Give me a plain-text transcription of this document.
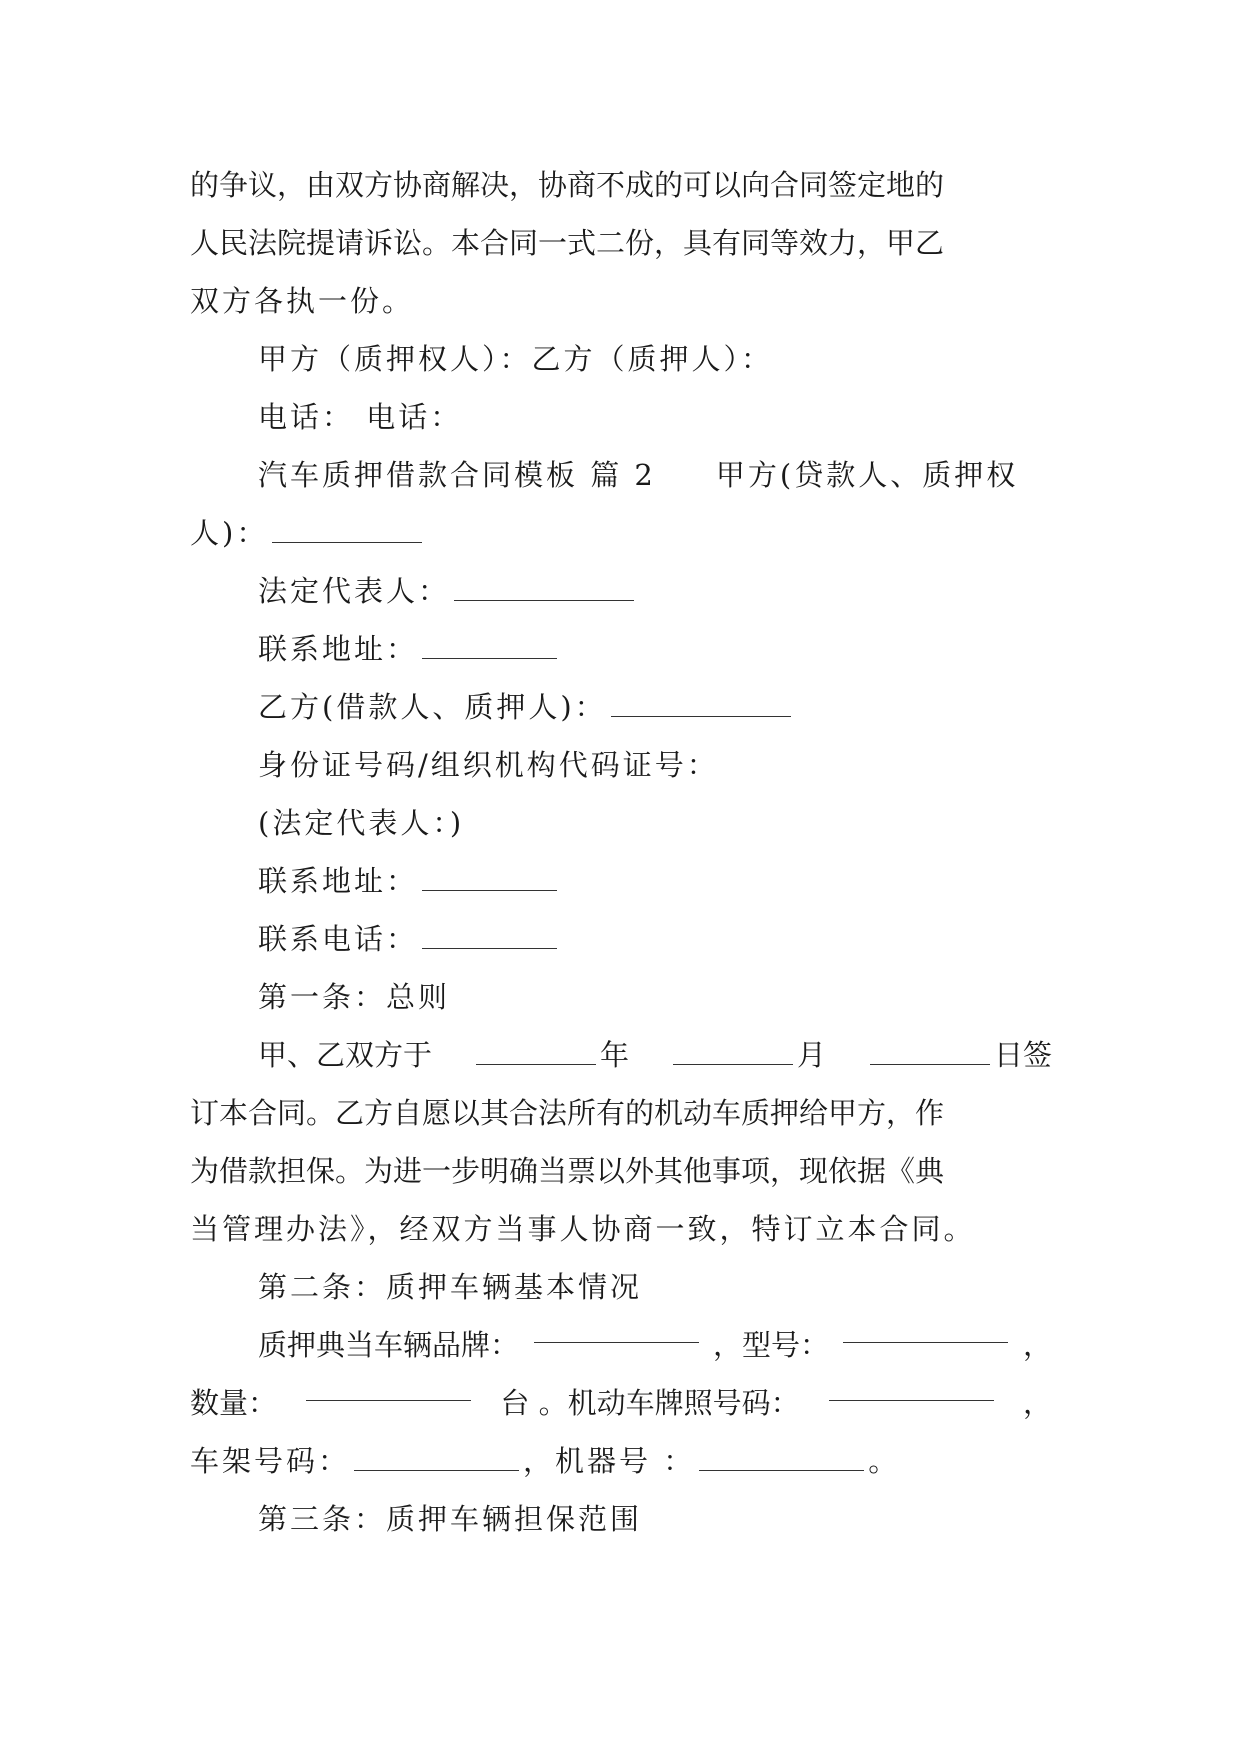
的争议，由双方协商解决，协商不成的可以向合同签定地的
人民法院提请诉讼。本合同一式二份，具有同等效力，甲乙
双方各执一份。
甲方（质押权人）：乙方（质押人）：
电话： 电话：
汽车质押借款合同模板 篇 2 甲方(贷款人、质押权
人)：
法定代表人：
联系地址：
乙方(借款人、质押人)：
身份证号码/组织机构代码证号：
(法定代表人：)
联系地址：
联系电话：
第一条：总则
甲、乙双方于	年	月	日签
订本合同。乙方自愿以其合法所有的机动车质押给甲方，作
为借款担保。为进一步明确当票以外其他事项，现依据《典
当管理办法》，经双方当事人协商一致，特订立本合同。
第二条：质押车辆基本情况
质押典当车辆品牌：	，型号：	，
数量：	台 。机动车牌照号码：	，
车架号码：	，机器号 ：	。
第三条：质押车辆担保范围
